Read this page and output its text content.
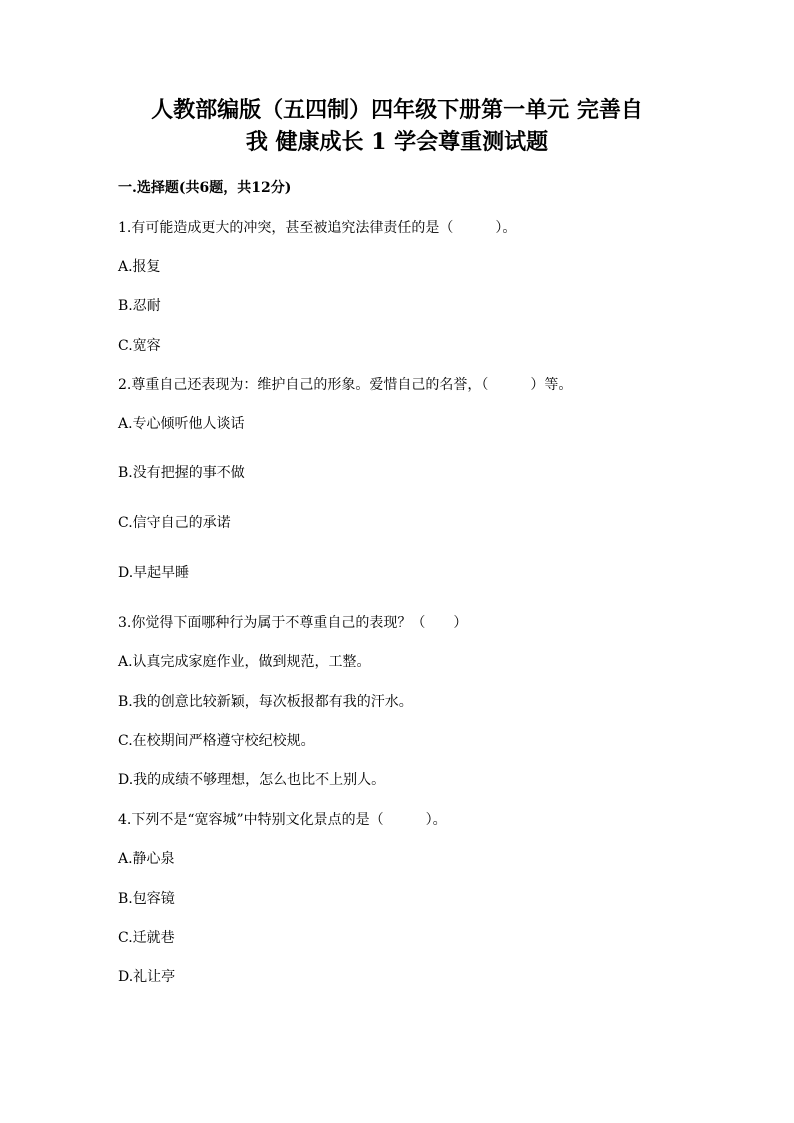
人教部编版（五四制）四年级下册第一单元 完善自
我 健康成长 1 学会尊重测试题
一.选择题(共6题，共12分)
1.有可能造成更大的冲突，甚至被追究法律责任的是（　　　）。
A.报复
B.忍耐
C.宽容
2.尊重自己还表现为：维护自己的形象。爱惜自己的名誉，（　　　）等。
A.专心倾听他人谈话
B.没有把握的事不做
C.信守自己的承诺
D.早起早睡
3.你觉得下面哪种行为属于不尊重自己的表现？（　　）
A.认真完成家庭作业，做到规范，工整。
B.我的创意比较新颖，每次板报都有我的汗水。
C.在校期间严格遵守校纪校规。
D.我的成绩不够理想，怎么也比不上别人。
4.下列不是“宽容城”中特别文化景点的是（　　　）。
A.静心泉
B.包容镜
C.迁就巷
D.礼让亭
